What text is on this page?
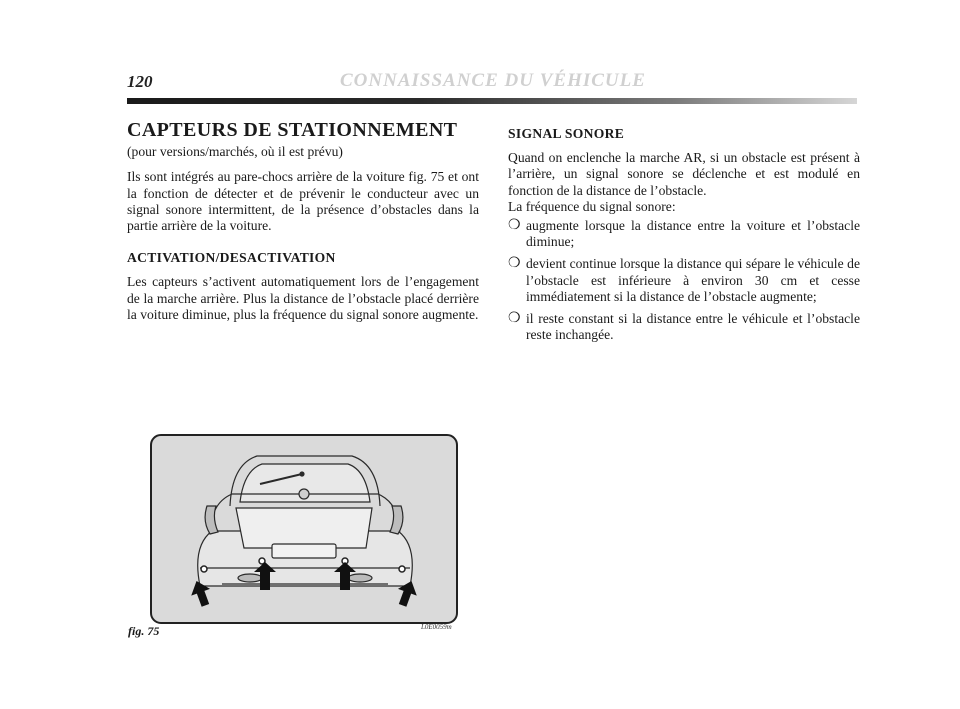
120	CONNAISSANCE DU VÉHICULE
CAPTEURS DE STATIONNEMENT
(pour versions/marchés, où il est prévu)

Ils sont intégrés au pare-chocs arrière de la voiture fig. 75 et ont la fonction de détecter et de prévenir le conducteur avec un signal sonore intermittent, de la présence d’obstacles dans la partie arrière de la voiture.

ACTIVATION/DESACTIVATION

Les capteurs s’activent automatiquement lors de l’engagement de la marche arrière. Plus la distance de l’obstacle placé derrière la voiture diminue, plus la fréquence du signal sonore augmente.

SIGNAL SONORE

Quand on enclenche la marche AR, si un obstacle est présent à l’arrière, un signal sonore se déclenche et est modulé en fonction de la distance de l’obstacle.

La fréquence du signal sonore:
❍ augmente lorsque la distance entre la voiture et l’obstacle diminue;
❍ devient continue lorsque la distance qui sépare le véhicule de l’obstacle est inférieure à environ 30 cm et cesse immédiatement si la distance de l’obstacle augmente;
❍ il reste constant si la distance entre le véhicule et l’obstacle reste inchangée.
fig. 75	L0E0059m
